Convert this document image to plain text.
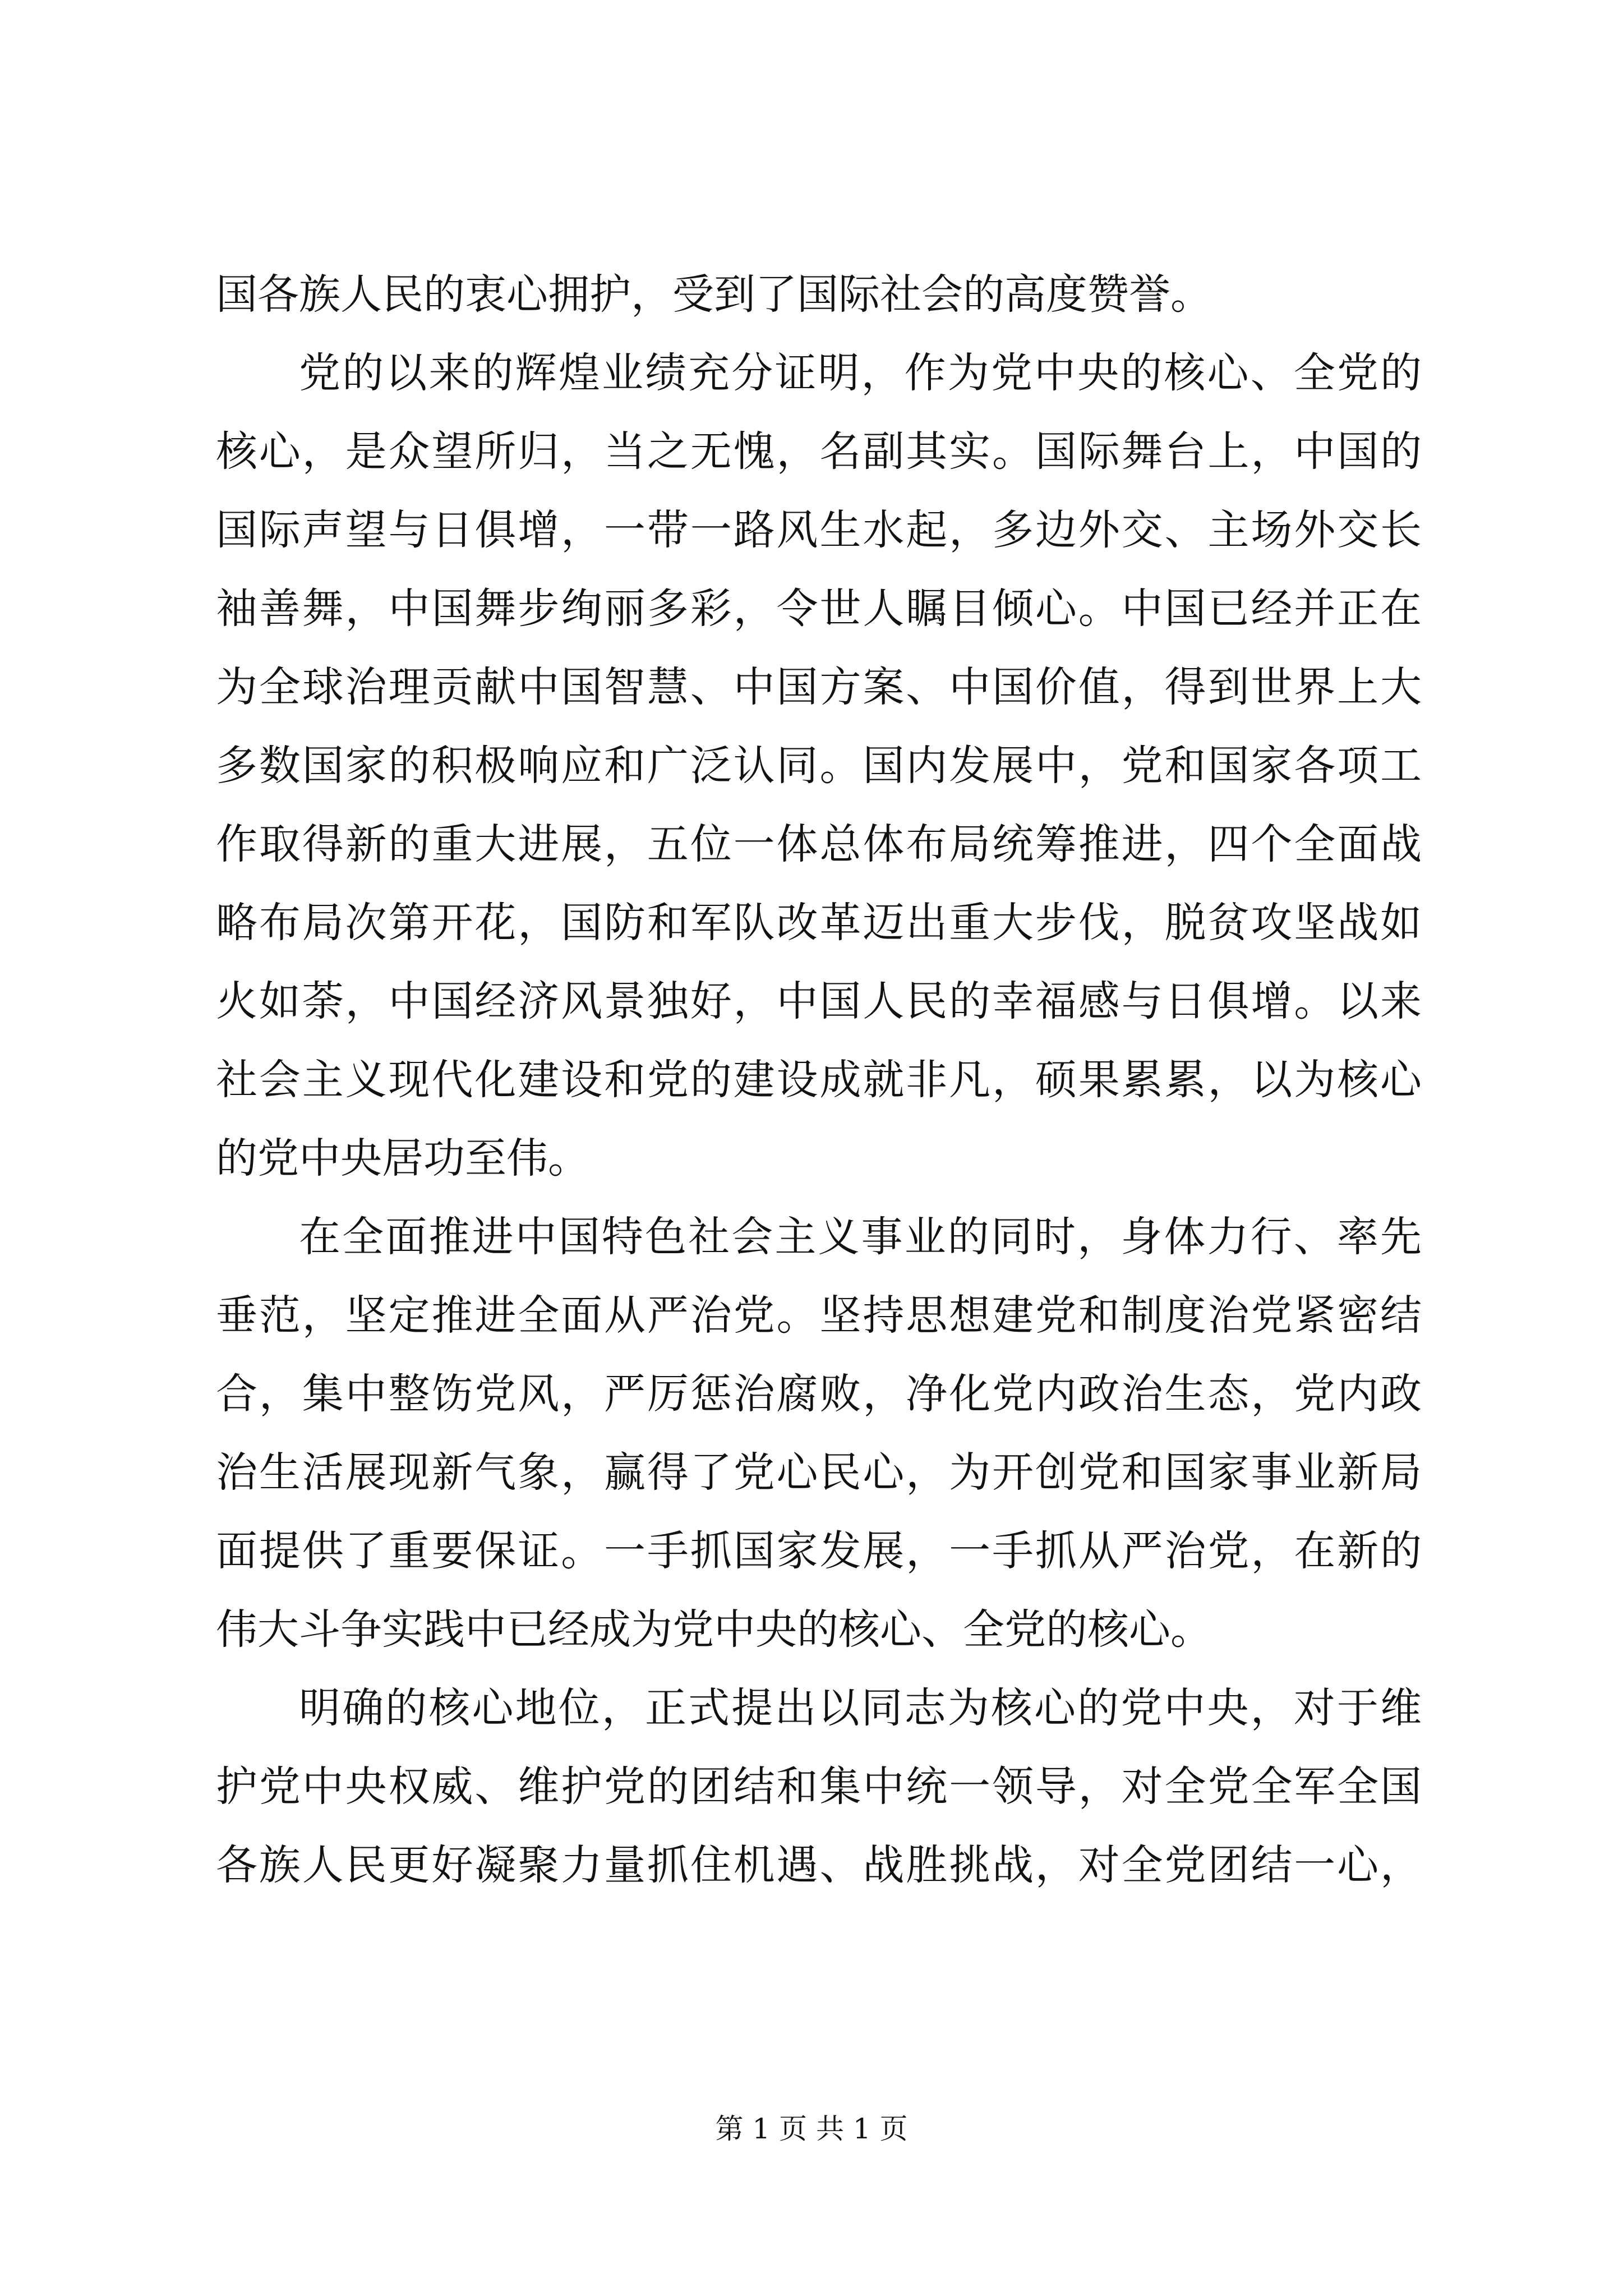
国各族人民的衷心拥护，受到了国际社会的高度赞誉。
党的以来的辉煌业绩充分证明，作为党中央的核心、全党的
核心，是众望所归，当之无愧，名副其实。国际舞台上，中国的
国际声望与日俱增，一带一路风生水起，多边外交、主场外交长
袖善舞，中国舞步绚丽多彩，令世人瞩目倾心。中国已经并正在
为全球治理贡献中国智慧、中国方案、中国价值，得到世界上大
多数国家的积极响应和广泛认同。国内发展中，党和国家各项工
作取得新的重大进展，五位一体总体布局统筹推进，四个全面战
略布局次第开花，国防和军队改革迈出重大步伐，脱贫攻坚战如
火如荼，中国经济风景独好，中国人民的幸福感与日俱增。以来
社会主义现代化建设和党的建设成就非凡，硕果累累，以为核心
的党中央居功至伟。
在全面推进中国特色社会主义事业的同时，身体力行、率先
垂范，坚定推进全面从严治党。坚持思想建党和制度治党紧密结
合，集中整饬党风，严厉惩治腐败，净化党内政治生态，党内政
治生活展现新气象，赢得了党心民心，为开创党和国家事业新局
面提供了重要保证。一手抓国家发展，一手抓从严治党，在新的
伟大斗争实践中已经成为党中央的核心、全党的核心。
明确的核心地位，正式提出以同志为核心的党中央，对于维
护党中央权威、维护党的团结和集中统一领导，对全党全军全国
各族人民更好凝聚力量抓住机遇、战胜挑战，对全党团结一心，
第 1 页 共 1 页
